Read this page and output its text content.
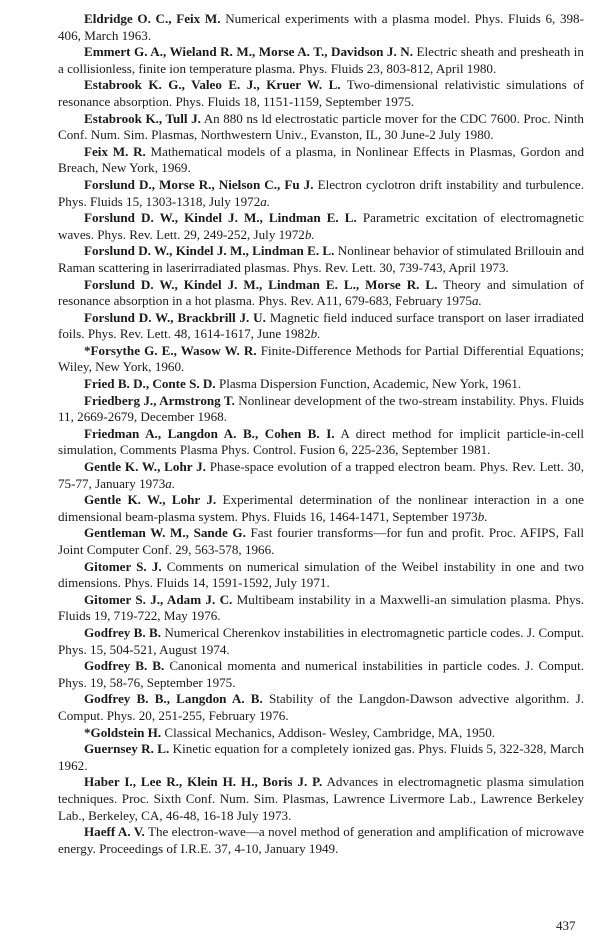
Eldridge O. C., Feix M. Numerical experiments with a plasma model. Phys. Fluids 6, 398-406, March 1963.

Emmert G. A., Wieland R. M., Morse A. T., Davidson J. N. Electric sheath and presheath in a collisionless, finite ion temperature plasma. Phys. Fluids 23, 803-812, April 1980.

Estabrook K. G., Valeo E. J., Kruer W. L. Two-dimensional relativistic simulations of resonance absorption. Phys. Fluids 18, 1151-1159, September 1975.

Estabrook K., Tull J. An 880 ns ld electrostatic particle mover for the CDC 7600. Proc. Ninth Conf. Num. Sim. Plasmas, Northwestern Univ., Evanston, IL, 30 June-2 July 1980.

Feix M. R. Mathematical models of a plasma, in Nonlinear Effects in Plasmas, Gordon and Breach, New York, 1969.

Forslund D., Morse R., Nielson C., Fu J. Electron cyclotron drift instability and turbulence. Phys. Fluids 15, 1303-1318, July 1972a.

Forslund D. W., Kindel J. M., Lindman E. L. Parametric excitation of electromagnetic waves. Phys. Rev. Lett. 29, 249-252, July 1972b.

Forslund D. W., Kindel J. M., Lindman E. L. Nonlinear behavior of stimulated Brillouin and Raman scattering in laserirradiated plasmas. Phys. Rev. Lett. 30, 739-743, April 1973.

Forslund D. W., Kindel J. M., Lindman E. L., Morse R. L. Theory and simulation of resonance absorption in a hot plasma. Phys. Rev. A11, 679-683, February 1975a.

Forslund D. W., Brackbrill J. U. Magnetic field induced surface transport on laser irradiated foils. Phys. Rev. Lett. 48, 1614-1617, June 1982b.

*Forsythe G. E., Wasow W. R. Finite-Difference Methods for Partial Differential Equations; Wiley, New York, 1960.

Fried B. D., Conte S. D. Plasma Dispersion Function, Academic, New York, 1961.

Friedberg J., Armstrong T. Nonlinear development of the two-stream instability. Phys. Fluids 11, 2669-2679, December 1968.

Friedman A., Langdon A. B., Cohen B. I. A direct method for implicit particle-in-cell simulation, Comments Plasma Phys. Control. Fusion 6, 225-236, September 1981.

Gentle K. W., Lohr J. Phase-space evolution of a trapped electron beam. Phys. Rev. Lett. 30, 75-77, January 1973a.

Gentle K. W., Lohr J. Experimental determination of the nonlinear interaction in a one dimensional beam-plasma system. Phys. Fluids 16, 1464-1471, September 1973b.

Gentleman W. M., Sande G. Fast fourier transforms—for fun and profit. Proc. AFIPS, Fall Joint Computer Conf. 29, 563-578, 1966.

Gitomer S. J. Comments on numerical simulation of the Weibel instability in one and two dimensions. Phys. Fluids 14, 1591-1592, July 1971.

Gitomer S. J., Adam J. C. Multibeam instability in a Maxwelli-an simulation plasma. Phys. Fluids 19, 719-722, May 1976.

Godfrey B. B. Numerical Cherenkov instabilities in electromagnetic particle codes. J. Comput. Phys. 15, 504-521, August 1974.

Godfrey B. B. Canonical momenta and numerical instabilities in particle codes. J. Comput. Phys. 19, 58-76, September 1975.

Godfrey B. B., Langdon A. B. Stability of the Langdon-Dawson advective algorithm. J. Comput. Phys. 20, 251-255, February 1976.

*Goldstein H. Classical Mechanics, Addison- Wesley, Cambridge, MA, 1950.

Guernsey R. L. Kinetic equation for a completely ionized gas. Phys. Fluids 5, 322-328, March 1962.

Haber I., Lee R., Klein H. H., Boris J. P. Advances in electromagnetic plasma simulation techniques. Proc. Sixth Conf. Num. Sim. Plasmas, Lawrence Livermore Lab., Lawrence Berkeley Lab., Berkeley, CA, 46-48, 16-18 July 1973.

Haeff A. V. The electron-wave—a novel method of generation and amplification of microwave energy. Proceedings of I.R.E. 37, 4-10, January 1949.

437
